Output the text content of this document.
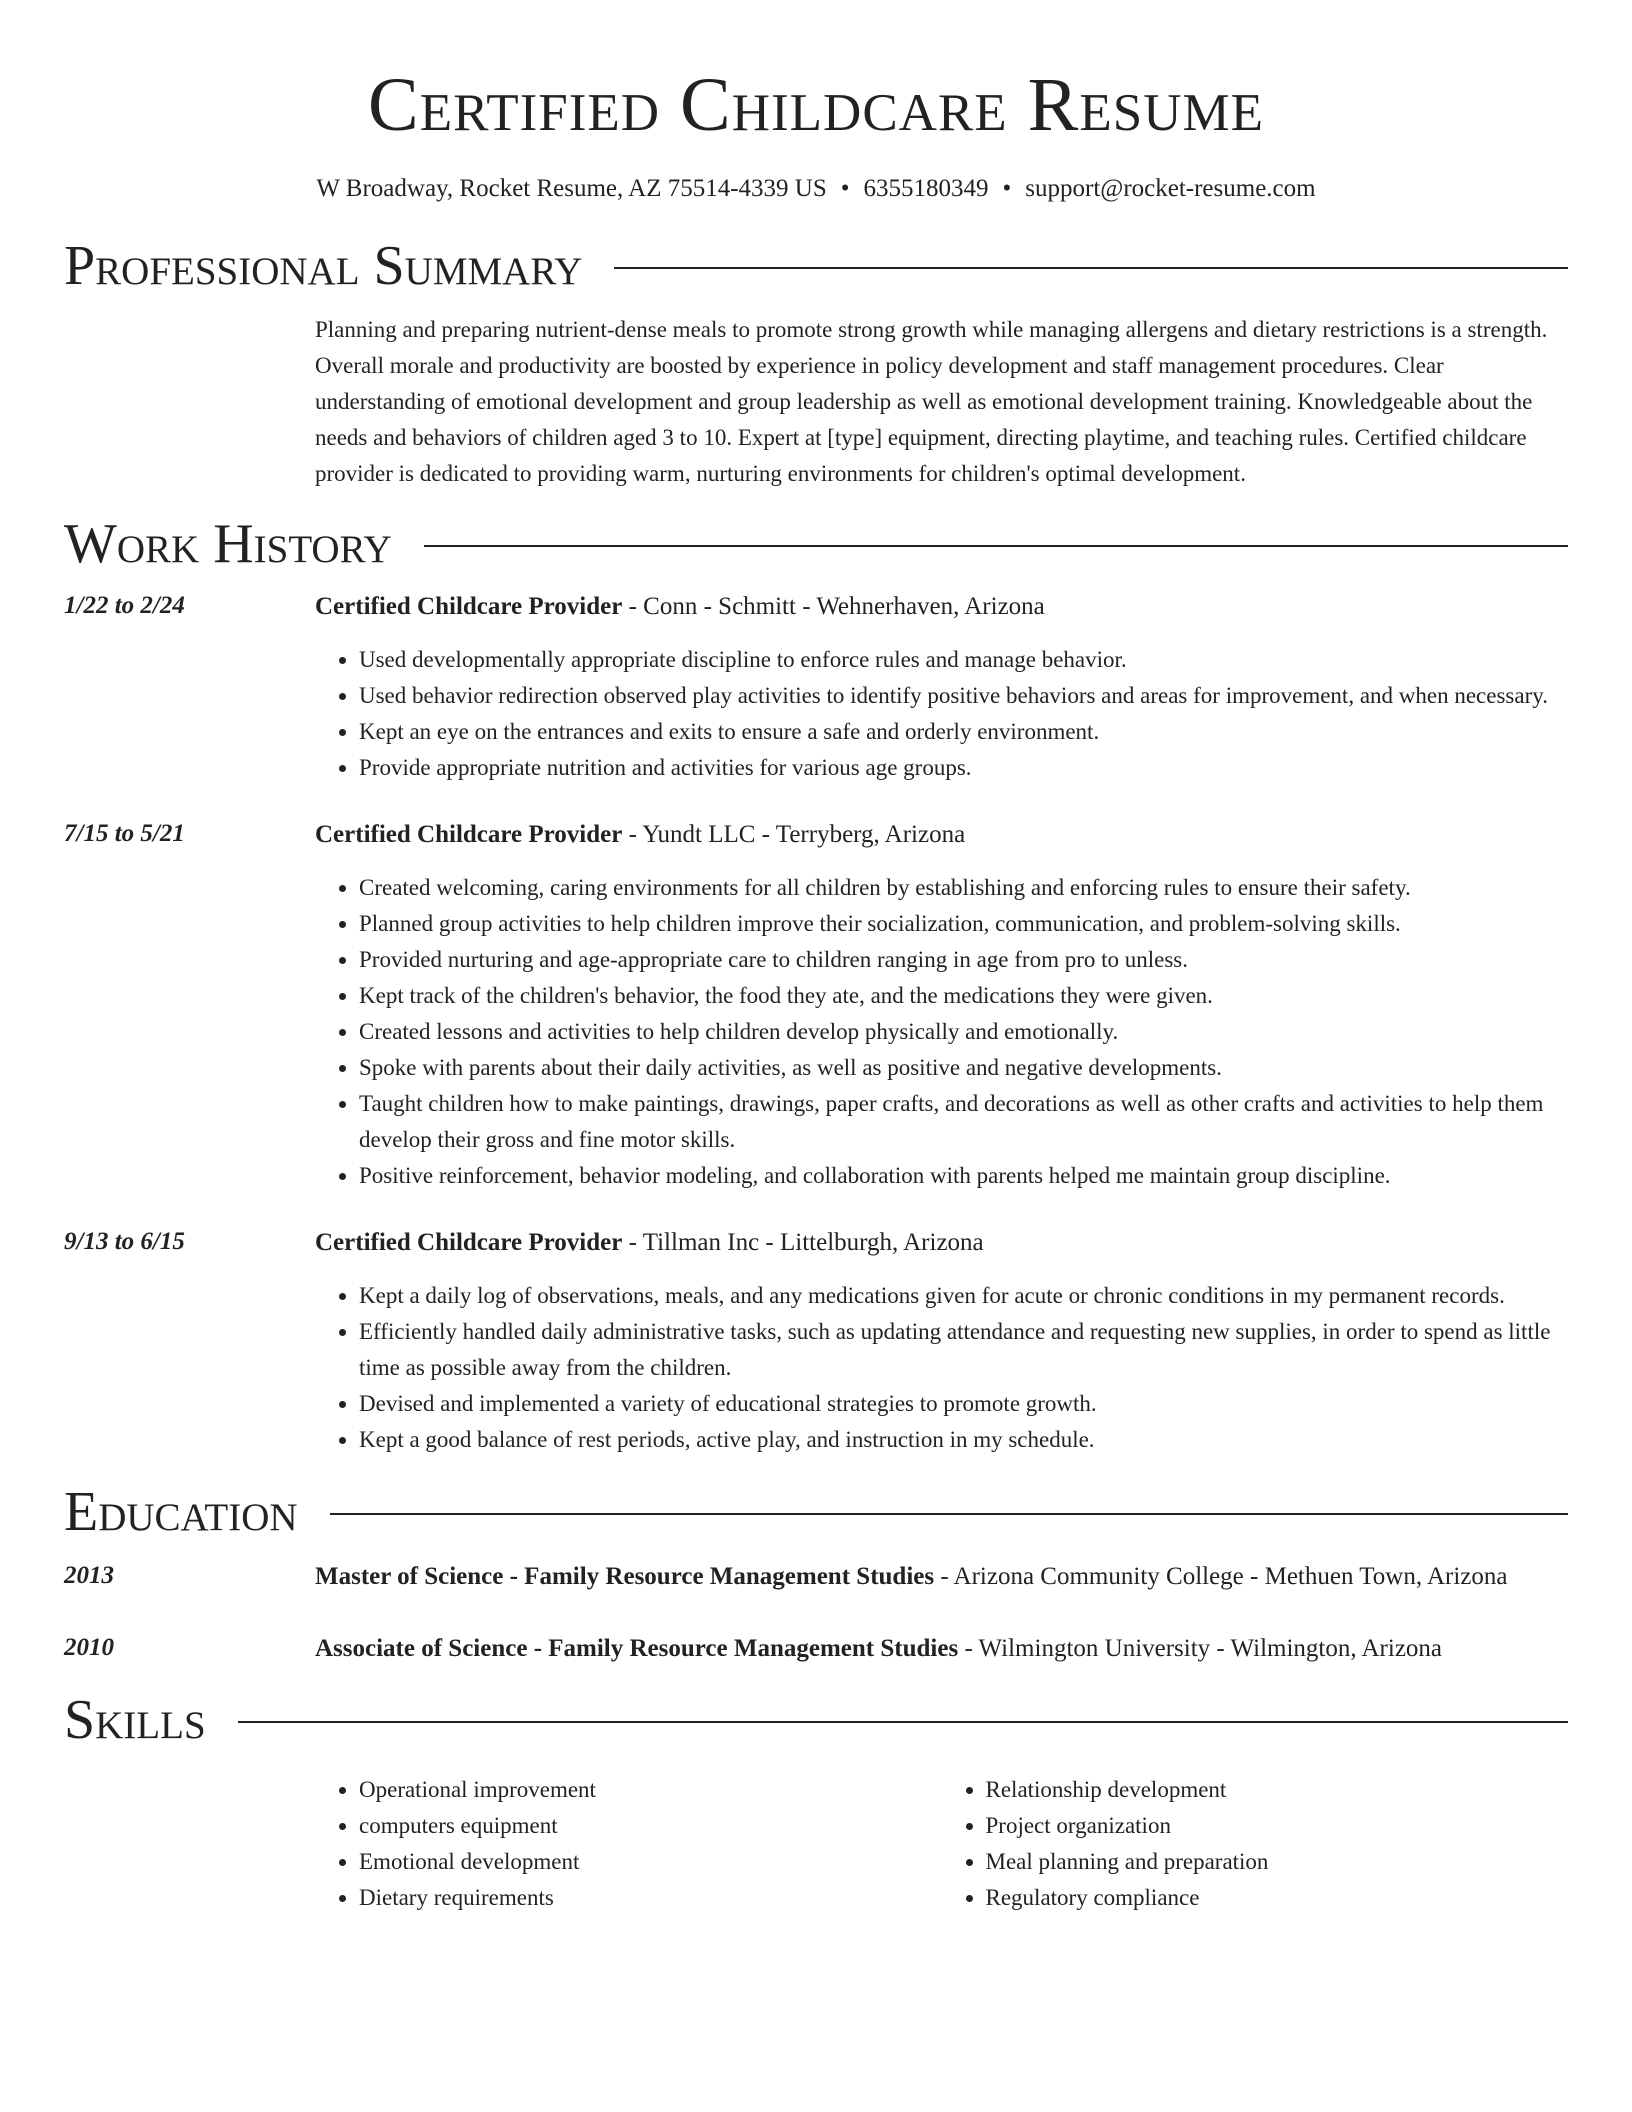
Certified Childcare Resume
W Broadway, Rocket Resume, AZ 75514-4339 US • 6355180349 • support@rocket-resume.com
Professional Summary
Planning and preparing nutrient-dense meals to promote strong growth while managing allergens and dietary restrictions is a strength. Overall morale and productivity are boosted by experience in policy development and staff management procedures. Clear understanding of emotional development and group leadership as well as emotional development training. Knowledgeable about the needs and behaviors of children aged 3 to 10. Expert at [type] equipment, directing playtime, and teaching rules. Certified childcare provider is dedicated to providing warm, nurturing environments for children's optimal development.
Work History
1/22 to 2/24	Certified Childcare Provider - Conn - Schmitt - Wehnerhaven, Arizona
• Used developmentally appropriate discipline to enforce rules and manage behavior.
• Used behavior redirection observed play activities to identify positive behaviors and areas for improvement, and when necessary.
• Kept an eye on the entrances and exits to ensure a safe and orderly environment.
• Provide appropriate nutrition and activities for various age groups.
7/15 to 5/21	Certified Childcare Provider - Yundt LLC - Terryberg, Arizona
• Created welcoming, caring environments for all children by establishing and enforcing rules to ensure their safety.
• Planned group activities to help children improve their socialization, communication, and problem-solving skills.
• Provided nurturing and age-appropriate care to children ranging in age from pro to unless.
• Kept track of the children's behavior, the food they ate, and the medications they were given.
• Created lessons and activities to help children develop physically and emotionally.
• Spoke with parents about their daily activities, as well as positive and negative developments.
• Taught children how to make paintings, drawings, paper crafts, and decorations as well as other crafts and activities to help them develop their gross and fine motor skills.
• Positive reinforcement, behavior modeling, and collaboration with parents helped me maintain group discipline.
9/13 to 6/15	Certified Childcare Provider - Tillman Inc - Littelburgh, Arizona
• Kept a daily log of observations, meals, and any medications given for acute or chronic conditions in my permanent records.
• Efficiently handled daily administrative tasks, such as updating attendance and requesting new supplies, in order to spend as little time as possible away from the children.
• Devised and implemented a variety of educational strategies to promote growth.
• Kept a good balance of rest periods, active play, and instruction in my schedule.
Education
2013	Master of Science - Family Resource Management Studies - Arizona Community College - Methuen Town, Arizona
2010	Associate of Science - Family Resource Management Studies - Wilmington University - Wilmington, Arizona
Skills
• Operational improvement
• computers equipment
• Emotional development
• Dietary requirements
• Relationship development
• Project organization
• Meal planning and preparation
• Regulatory compliance
